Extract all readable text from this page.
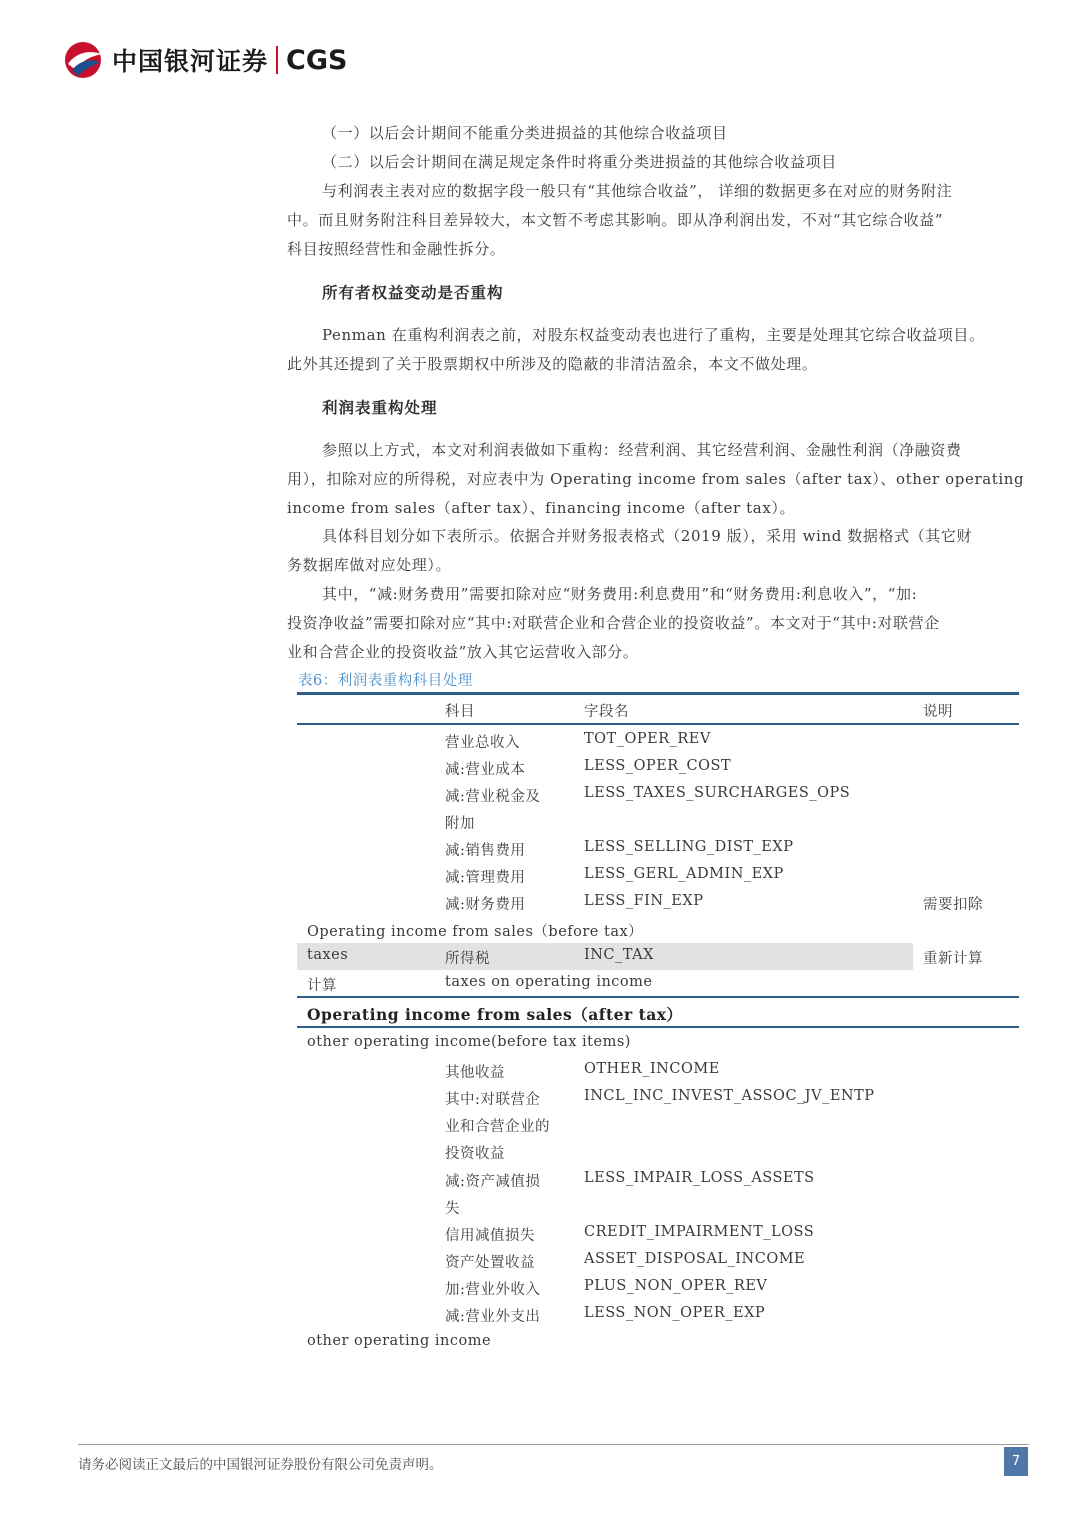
中国银河证券 CGS
（一）以后会计期间不能重分类进损益的其他综合收益项目
（二）以后会计期间在满足规定条件时将重分类进损益的其他综合收益项目
与利润表主表对应的数据字段一般只有“其他综合收益”， 详细的数据更多在对应的财务附注
中。而且财务附注科目差异较大，本文暂不考虑其影响。即从净利润出发，不对“其它综合收益”
科目按照经营性和金融性拆分。
所有者权益变动是否重构
Penman 在重构利润表之前，对股东权益变动表也进行了重构，主要是处理其它综合收益项目。
此外其还提到了关于股票期权中所涉及的隐蔽的非清洁盈余，本文不做处理。
利润表重构处理
参照以上方式，本文对利润表做如下重构：经营利润、其它经营利润、金融性利润（净融资费
用），扣除对应的所得税，对应表中为 Operating income from sales（after tax）、other operating
income from sales（after tax）、financing income（after tax）。
具体科目划分如下表所示。依据合并财务报表格式（2019 版），采用 wind 数据格式（其它财
务数据库做对应处理）。
其中，“减:财务费用”需要扣除对应“财务费用:利息费用”和“财务费用:利息收入”，“加:
投资净收益”需要扣除对应“其中:对联营企业和合营企业的投资收益”。本文对于“其中:对联营企
业和合营企业的投资收益”放入其它运营收入部分。
表6：利润表重构科目处理
科目	字段名	说明
营业总收入	TOT_OPER_REV
减:营业成本	LESS_OPER_COST
减:营业税金及	LESS_TAXES_SURCHARGES_OPS
附加
减:销售费用	LESS_SELLING_DIST_EXP
减:管理费用	LESS_GERL_ADMIN_EXP
减:财务费用	LESS_FIN_EXP	需要扣除
Operating income from sales（before tax）
taxes	所得税	INC_TAX	重新计算
计算	taxes on operating income
Operating income from sales（after tax）
other operating income(before tax items)
其他收益	OTHER_INCOME
其中:对联营企	INCL_INC_INVEST_ASSOC_JV_ENTP
业和合营企业的
投资收益
减:资产减值损	LESS_IMPAIR_LOSS_ASSETS
失
信用减值损失	CREDIT_IMPAIRMENT_LOSS
资产处置收益	ASSET_DISPOSAL_INCOME
加:营业外收入	PLUS_NON_OPER_REV
减:营业外支出	LESS_NON_OPER_EXP
other operating income
请务必阅读正文最后的中国银河证券股份有限公司免责声明。	7
